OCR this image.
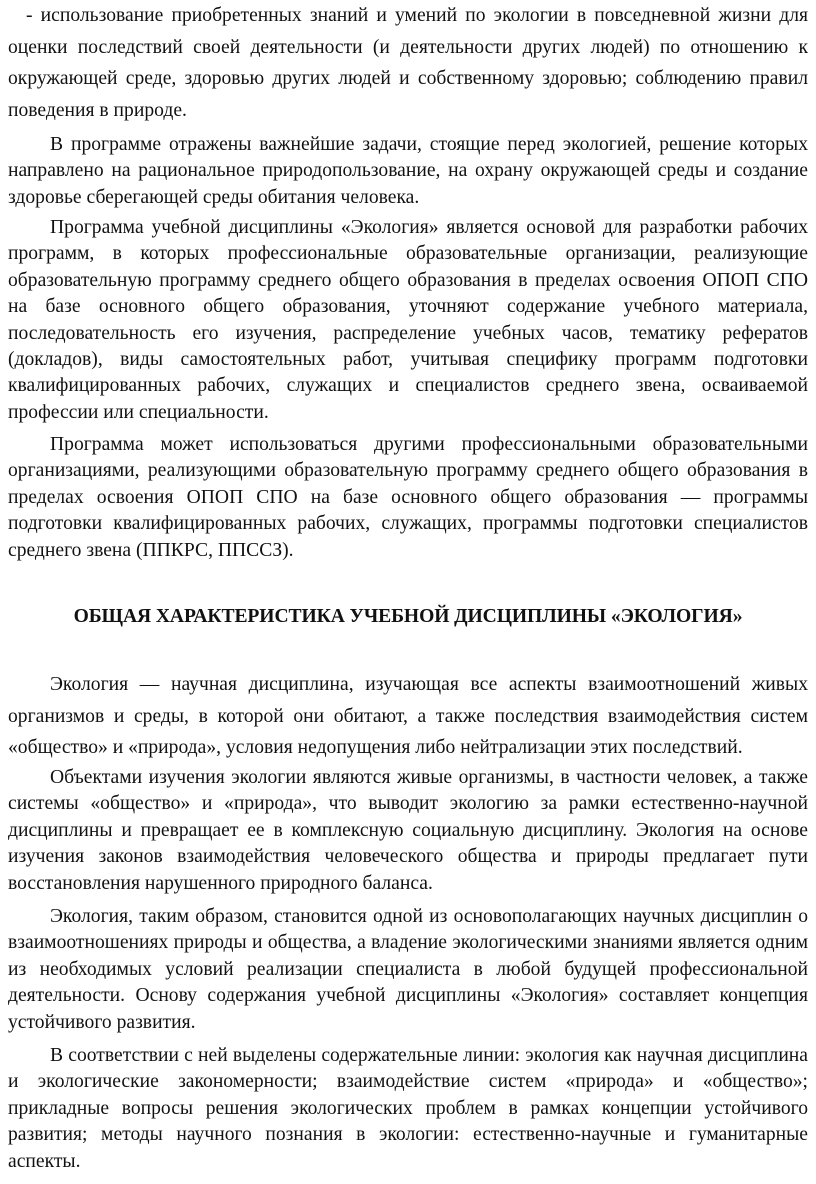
- использование приобретенных знаний и умений по экологии в повседневной жизни для оценки последствий своей деятельности (и деятельности других людей) по отношению к окружающей среде, здоровью других людей и собственному здоровью; соблюдению правил поведения в природе.

В программе отражены важнейшие задачи, стоящие перед экологией, решение которых направлено на рациональное природопользование, на охрану окружающей среды и создание здоровье сберегающей среды обитания человека.

Программа учебной дисциплины «Экология» является основой для разработки рабочих программ, в которых профессиональные образовательные организации, реализующие образовательную программу среднего общего образования в пределах освоения ОПОП СПО на базе основного общего образования, уточняют содержание учебного материала, последовательность его изучения, распределение учебных часов, тематику рефератов (докладов), виды самостоятельных работ, учитывая специфику программ подготовки квалифицированных рабочих, служащих и специалистов среднего звена, осваиваемой профессии или специальности.

Программа может использоваться другими профессиональными образовательными организациями, реализующими образовательную программу среднего общего образования в пределах освоения ОПОП СПО на базе основного общего образования — программы подготовки квалифицированных рабочих, служащих, программы подготовки специалистов среднего звена (ППКРС, ППССЗ).

ОБЩАЯ ХАРАКТЕРИСТИКА УЧЕБНОЙ ДИСЦИПЛИНЫ «ЭКОЛОГИЯ»

Экология — научная дисциплина, изучающая все аспекты взаимоотношений живых организмов и среды, в которой они обитают, а также последствия взаимодействия систем «общество» и «природа», условия недопущения либо нейтрализации этих последствий.

Объектами изучения экологии являются живые организмы, в частности человек, а также системы «общество» и «природа», что выводит экологию за рамки естественно-научной дисциплины и превращает ее в комплексную социальную дисциплину. Экология на основе изучения законов взаимодействия человеческого общества и природы предлагает пути восстановления нарушенного природного баланса.

Экология, таким образом, становится одной из основополагающих научных дисциплин о взаимоотношениях природы и общества, а владение экологическими знаниями является одним из необходимых условий реализации специалиста в любой будущей профессиональной деятельности. Основу содержания учебной дисциплины «Экология» составляет концепция устойчивого развития.

В соответствии с ней выделены содержательные линии: экология как научная дисциплина и экологические закономерности; взаимодействие систем «природа» и «общество»; прикладные вопросы решения экологических проблем в рамках концепции устойчивого развития; методы научного познания в экологии: естественно-научные и гуманитарные аспекты.
